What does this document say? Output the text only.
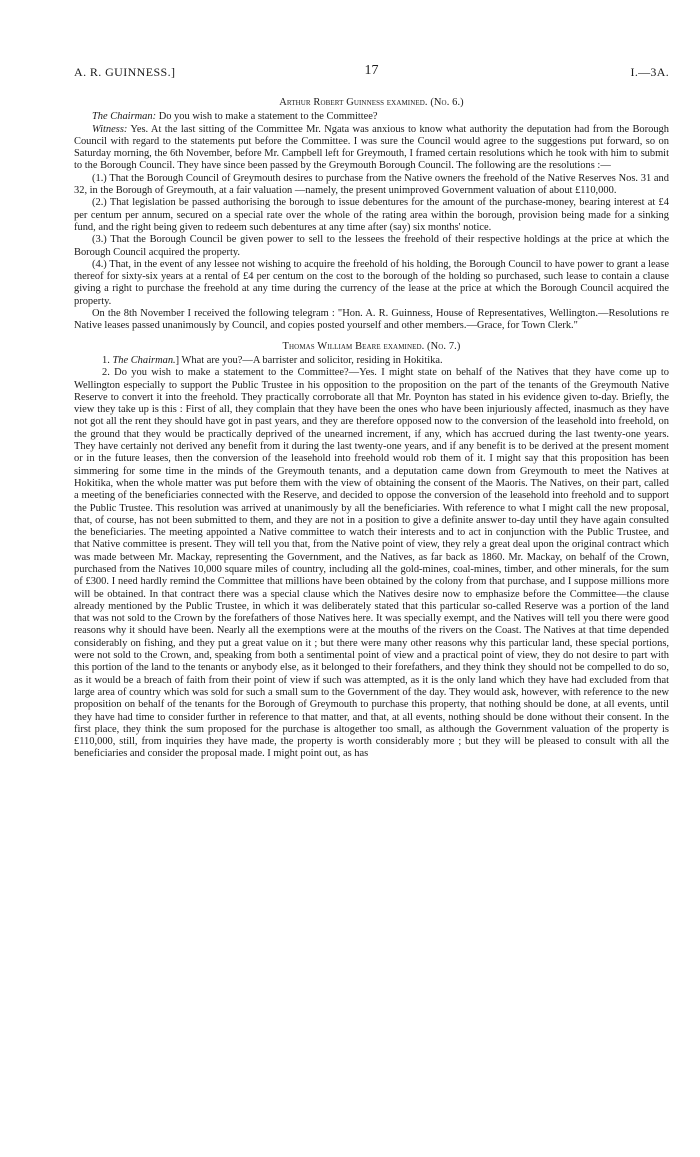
A. R. GUINNESS.]	17	I.—3A.

Arthur Robert Guinness examined. (No. 6.)

The Chairman: Do you wish to make a statement to the Committee?

Witness: Yes. At the last sitting of the Committee Mr. Ngata was anxious to know what authority the deputation had from the Borough Council with regard to the statements put before the Committee. I was sure the Council would agree to the suggestions put forward, so on Saturday morning, the 6th November, before Mr. Campbell left for Greymouth, I framed certain resolutions which he took with him to submit to the Borough Council. They have since been passed by the Greymouth Borough Council. The following are the resolutions :—

(1.) That the Borough Council of Greymouth desires to purchase from the Native owners the freehold of the Native Reserves Nos. 31 and 32, in the Borough of Greymouth, at a fair valuation —namely, the present unimproved Government valuation of about £110,000.

(2.) That legislation be passed authorising the borough to issue debentures for the amount of the purchase-money, bearing interest at £4 per centum per annum, secured on a special rate over the whole of the rating area within the borough, provision being made for a sinking fund, and the right being given to redeem such debentures at any time after (say) six months' notice.

(3.) That the Borough Council be given power to sell to the lessees the freehold of their respective holdings at the price at which the Borough Council acquired the property.

(4.) That, in the event of any lessee not wishing to acquire the freehold of his holding, the Borough Council to have power to grant a lease thereof for sixty-six years at a rental of £4 per centum on the cost to the borough of the holding so purchased, such lease to contain a clause giving a right to purchase the freehold at any time during the currency of the lease at the price at which the Borough Council acquired the property.

On the 8th November I received the following telegram : "Hon. A. R. Guinness, House of Representatives, Wellington.—Resolutions re Native leases passed unanimously by Council, and copies posted yourself and other members.—Grace, for Town Clerk."

Thomas William Beare examined. (No. 7.)

1. The Chairman.] What are you?—A barrister and solicitor, residing in Hokitika.

2. Do you wish to make a statement to the Committee?—Yes. I might state on behalf of the Natives that they have come up to Wellington especially to support the Public Trustee in his opposition to the proposition on the part of the tenants of the Greymouth Native Reserve to convert it into the freehold. They practically corroborate all that Mr. Poynton has stated in his evidence given to-day. Briefly, the view they take up is this : First of all, they complain that they have been the ones who have been injuriously affected, inasmuch as they have not got all the rent they should have got in past years, and they are therefore opposed now to the conversion of the leasehold into freehold, on the ground that they would be practically deprived of the unearned increment, if any, which has accrued during the last twenty-one years. They have certainly not derived any benefit from it during the last twenty-one years, and if any benefit is to be derived at the present moment or in the future leases, then the conversion of the leasehold into freehold would rob them of it. I might say that this proposition has been simmering for some time in the minds of the Greymouth tenants, and a deputation came down from Greymouth to meet the Natives at Hokitika, when the whole matter was put before them with the view of obtaining the consent of the Maoris. The Natives, on their part, called a meeting of the beneficiaries connected with the Reserve, and decided to oppose the conversion of the leasehold into freehold and to support the Public Trustee. This resolution was arrived at unanimously by all the beneficiaries. With reference to what I might call the new proposal, that, of course, has not been submitted to them, and they are not in a position to give a definite answer to-day until they have again consulted the beneficiaries. The meeting appointed a Native committee to watch their interests and to act in conjunction with the Public Trustee, and that Native committee is present. They will tell you that, from the Native point of view, they rely a great deal upon the original contract which was made between Mr. Mackay, representing the Government, and the Natives, as far back as 1860. Mr. Mackay, on behalf of the Crown, purchased from the Natives 10,000 square miles of country, including all the gold-mines, coal-mines, timber, and other minerals, for the sum of £300. I need hardly remind the Committee that millions have been obtained by the colony from that purchase, and I suppose millions more will be obtained. In that contract there was a special clause which the Natives desire now to emphasize before the Committee—the clause already mentioned by the Public Trustee, in which it was deliberately stated that this particular so-called Reserve was a portion of the land that was not sold to the Crown by the forefathers of those Natives here. It was specially exempt, and the Natives will tell you there were good reasons why it should have been. Nearly all the exemptions were at the mouths of the rivers on the Coast. The Natives at that time depended considerably on fishing, and they put a great value on it ; but there were many other reasons why this particular land, these special portions, were not sold to the Crown, and, speaking from both a sentimental point of view and a practical point of view, they do not desire to part with this portion of the land to the tenants or anybody else, as it belonged to their forefathers, and they think they should not be compelled to do so, as it would be a breach of faith from their point of view if such was attempted, as it is the only land which they have had excluded from that large area of country which was sold for such a small sum to the Government of the day. They would ask, however, with reference to the new proposition on behalf of the tenants for the Borough of Greymouth to purchase this property, that nothing should be done, at all events, until they have had time to consider further in reference to that matter, and that, at all events, nothing should be done without their consent. In the first place, they think the sum proposed for the purchase is altogether too small, as although the Government valuation of the property is £110,000, still, from inquiries they have made, the property is worth considerably more ; but they will be pleased to consult with all the beneficiaries and consider the proposal made. I might point out, as has
